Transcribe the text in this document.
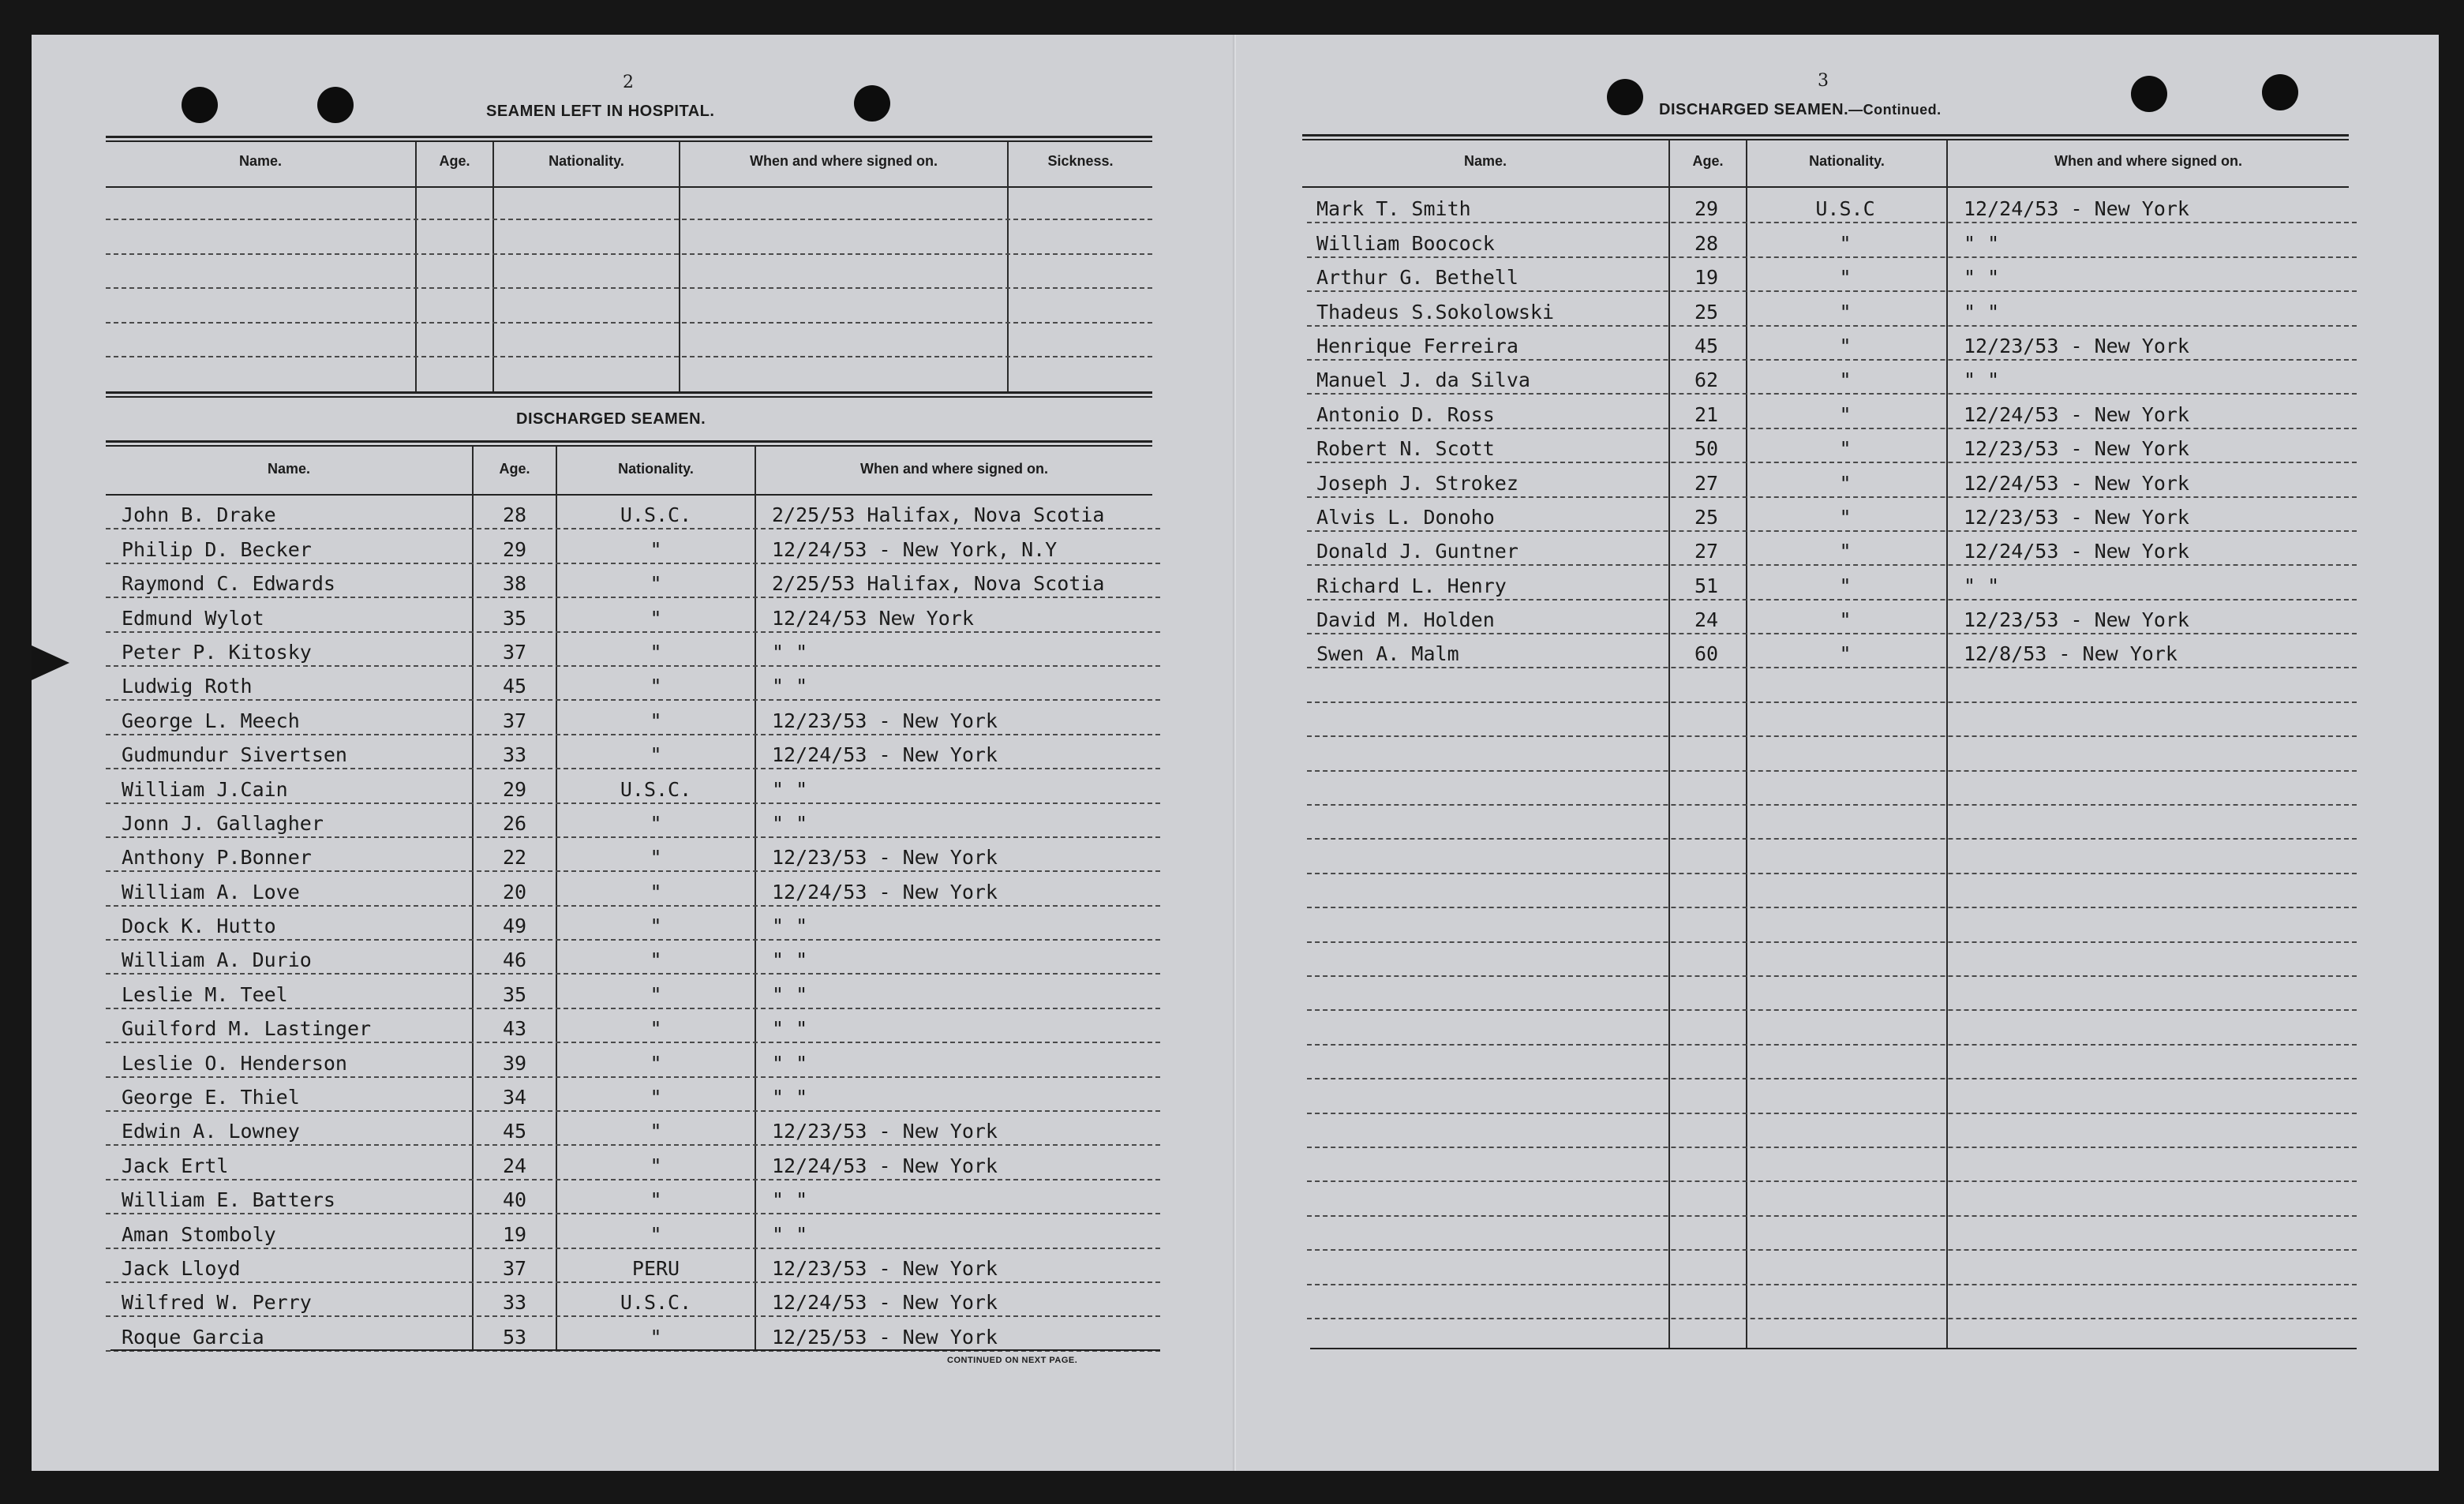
2
SEAMEN LEFT IN HOSPITAL.
Name.	Age.	Nationality.	When and where signed on.	Sickness.
DISCHARGED SEAMEN.
Name.	Age.	Nationality.	When and where signed on.
John B. Drake	28	U.S.C.	2/25/53 Halifax, Nova Scotia
Philip D. Becker	29	"	12/24/53 - New York, N.Y
Raymond C. Edwards	38	"	2/25/53 Halifax, Nova Scotia
Edmund Wylot	35	"	12/24/53 New York
Peter P. Kitosky	37	"	" "
Ludwig Roth	45	"	" "
George L. Meech	37	"	12/23/53 - New York
Gudmundur Sivertsen	33	"	12/24/53 - New York
William J.Cain	29	U.S.C.	" "
Jonn J. Gallagher	26	"	" "
Anthony P.Bonner	22	"	12/23/53 - New York
William A. Love	20	"	12/24/53 - New York
Dock K. Hutto	49	"	" "
William A. Durio	46	"	" "
Leslie M. Teel	35	"	" "
Guilford M. Lastinger	43	"	" "
Leslie O. Henderson	39	"	" "
George E. Thiel	34	"	" "
Edwin A. Lowney	45	"	12/23/53 - New York
Jack Ertl	24	"	12/24/53 - New York
William E. Batters	40	"	" "
Aman Stomboly	19	"	" "
Jack Lloyd	37	PERU	12/23/53 - New York
Wilfred W. Perry	33	U.S.C.	12/24/53 - New York
Roque Garcia	53	"	12/25/53 - New York
CONTINUED ON NEXT PAGE.
3
DISCHARGED SEAMEN.—Continued.
Name.	Age.	Nationality.	When and where signed on.
Mark T. Smith	29	U.S.C	12/24/53 - New York
William Boocock	28	"	" "
Arthur G. Bethell	19	"	" "
Thadeus S.Sokolowski	25	"	" "
Henrique Ferreira	45	"	12/23/53 - New York
Manuel J. da Silva	62	"	" "
Antonio D. Ross	21	"	12/24/53 - New York
Robert N. Scott	50	"	12/23/53 - New York
Joseph J. Strokez	27	"	12/24/53 - New York
Alvis L. Donoho	25	"	12/23/53 - New York
Donald J. Guntner	27	"	12/24/53 - New York
Richard L. Henry	51	"	" "
David M. Holden	24	"	12/23/53 - New York
Swen A. Malm	60	"	12/8/53 - New York
